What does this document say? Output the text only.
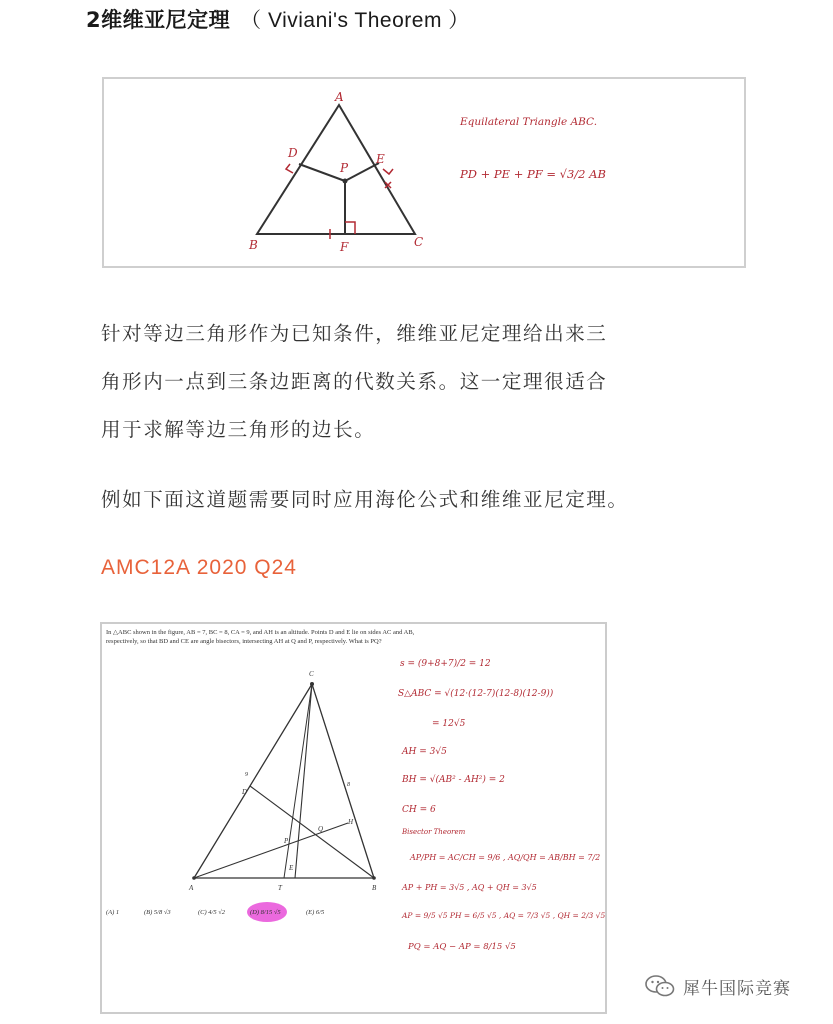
2维维亚尼定理 （ Viviani's Theorem ）
A
B	F	C
D	E
P
Equilateral Triangle ABC.
PD + PE + PF = √3/2 AB
针对等边三角形作为已知条件，维维亚尼定理给出来三
角形内一点到三条边距离的代数关系。这一定理很适合
用于求解等边三角形的边长。
例如下面这道题需要同时应用海伦公式和维维亚尼定理。
AMC12A 2020 Q24
In △ABC shown in the figure, AB = 7, BC = 8, CA = 9, and AH is an altitude. Points D and E lie on sides AC and AB, respectively, so that BD and CE are angle bisectors, intersecting AH at Q and P, respectively. What is PQ?
C
A	T	B
D
E
P
Q
H
9
8
(A) 1	(B) 5/8 √3	(C) 4/5 √2	(D) 8/15 √5	(E) 6/5
s = (9+8+7)/2 = 12
S△ABC = √(12·(12-7)(12-8)(12-9))
= 12√5
AH = 3√5
BH = √(AB² - AH²) = 2
CH = 6
Bisector Theorem
AP/PH = AC/CH = 9/6 , AQ/QH = AB/BH = 7/2
AP + PH = 3√5 , AQ + QH = 3√5
AP = 9/5 √5 PH = 6/5 √5 , AQ = 7/3 √5 , QH = 2/3 √5
PQ = AQ − AP = 8/15 √5
犀牛国际竞赛
